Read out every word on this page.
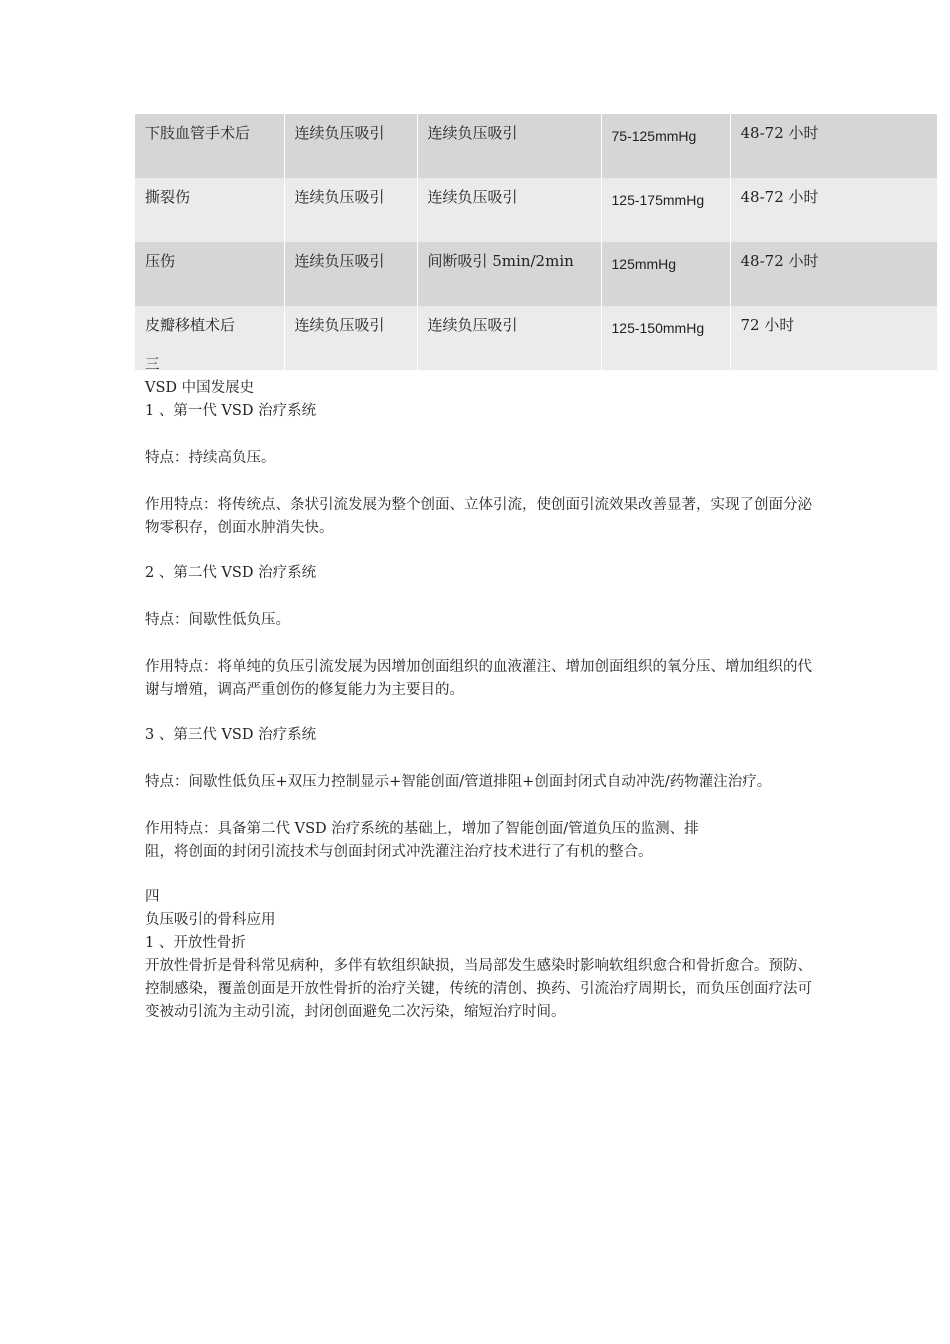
下肢血管手术后	连续负压吸引	连续负压吸引	75-125mmHg	48-72 小时
撕裂伤	连续负压吸引	连续负压吸引	125-175mmHg	48-72 小时
压伤	连续负压吸引	间断吸引 5min/2min	125mmHg	48-72 小时
皮瓣移植术后	连续负压吸引	连续负压吸引	125-150mmHg	72 小时

三

VSD 中国发展史

1 、第一代 VSD 治疗系统

特点：持续高负压。

作用特点：将传统点、条状引流发展为整个创面、立体引流，使创面引流效果改善显著，实现了创面分泌物零积存，创面水肿消失快。

2 、第二代 VSD 治疗系统

特点：间歇性低负压。

作用特点：将单纯的负压引流发展为因增加创面组织的血液灌注、增加创面组织的氧分压、增加组织的代谢与增殖，调高严重创伤的修复能力为主要目的。

3 、第三代 VSD 治疗系统

特点：间歇性低负压+双压力控制显示+智能创面/管道排阻+创面封闭式自动冲洗/药物灌注治疗。

作用特点：具备第二代 VSD 治疗系统的基础上，增加了智能创面/管道负压的监测、排

阻，将创面的封闭引流技术与创面封闭式冲洗灌注治疗技术进行了有机的整合。

四

负压吸引的骨科应用

1 、开放性骨折

开放性骨折是骨科常见病种，多伴有软组织缺损，当局部发生感染时影响软组织愈合和骨折愈合。预防、控制感染，覆盖创面是开放性骨折的治疗关键，传统的清创、换药、引流治疗周期长，而负压创面疗法可变被动引流为主动引流，封闭创面避免二次污染，缩短治疗时间。
